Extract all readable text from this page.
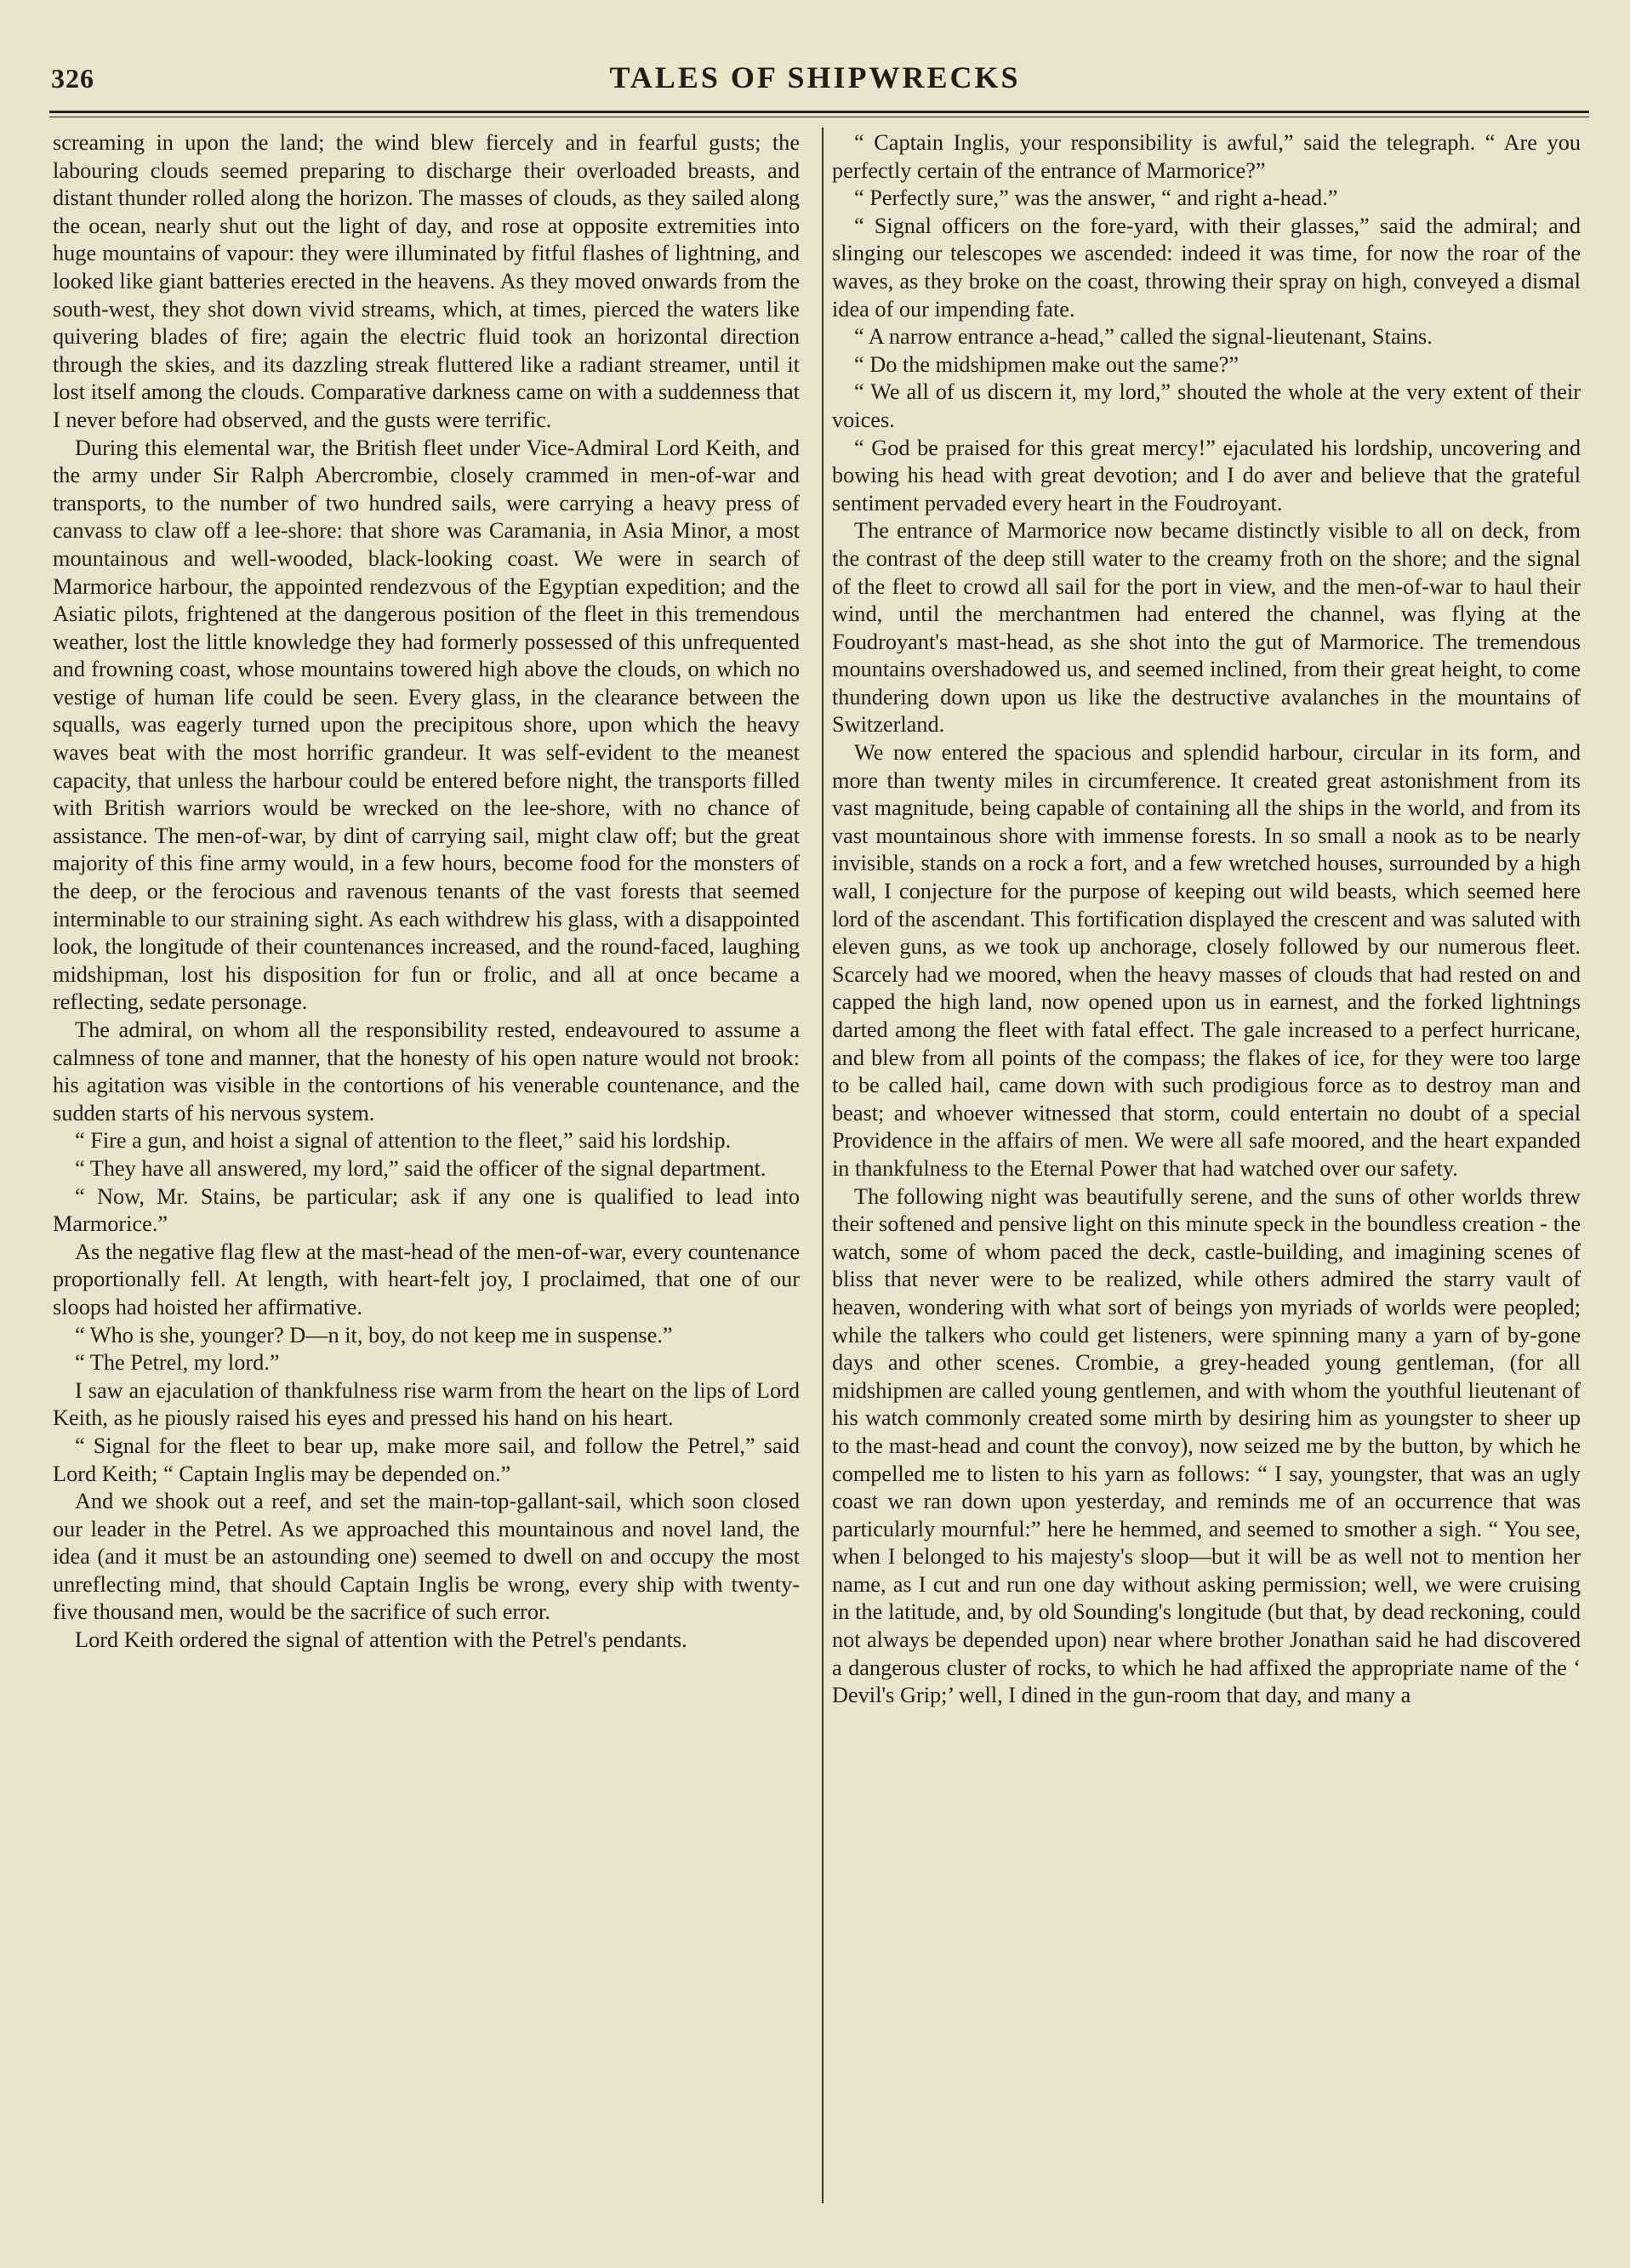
326	TALES OF SHIPWRECKS

screaming in upon the land; the wind blew fiercely and in fearful gusts; the labouring clouds seemed preparing to discharge their overloaded breasts, and distant thunder rolled along the horizon. The masses of clouds, as they sailed along the ocean, nearly shut out the light of day, and rose at opposite extremities into huge mountains of vapour: they were illuminated by fitful flashes of lightning, and looked like giant batteries erected in the heavens. As they moved onwards from the south-west, they shot down vivid streams, which, at times, pierced the waters like quivering blades of fire; again the electric fluid took an horizontal direction through the skies, and its dazzling streak fluttered like a radiant streamer, until it lost itself among the clouds. Comparative darkness came on with a suddenness that I never before had observed, and the gusts were terrific.

During this elemental war, the British fleet under Vice-Admiral Lord Keith, and the army under Sir Ralph Abercrombie, closely crammed in men-of-war and transports, to the number of two hundred sails, were carrying a heavy press of canvass to claw off a lee-shore: that shore was Caramania, in Asia Minor, a most mountainous and well-wooded, black-looking coast. We were in search of Marmorice harbour, the appointed rendezvous of the Egyptian expedition; and the Asiatic pilots, frightened at the dangerous position of the fleet in this tremendous weather, lost the little knowledge they had formerly possessed of this unfrequented and frowning coast, whose mountains towered high above the clouds, on which no vestige of human life could be seen. Every glass, in the clearance between the squalls, was eagerly turned upon the precipitous shore, upon which the heavy waves beat with the most horrific grandeur. It was self-evident to the meanest capacity, that unless the harbour could be entered before night, the transports filled with British warriors would be wrecked on the lee-shore, with no chance of assistance. The men-of-war, by dint of carrying sail, might claw off; but the great majority of this fine army would, in a few hours, become food for the monsters of the deep, or the ferocious and ravenous tenants of the vast forests that seemed interminable to our straining sight. As each withdrew his glass, with a disappointed look, the longitude of their countenances increased, and the round-faced, laughing midshipman, lost his disposition for fun or frolic, and all at once became a reflecting, sedate personage.

The admiral, on whom all the responsibility rested, endeavoured to assume a calmness of tone and manner, that the honesty of his open nature would not brook: his agitation was visible in the contortions of his venerable countenance, and the sudden starts of his nervous system.

“ Fire a gun, and hoist a signal of attention to the fleet,” said his lordship.

“ They have all answered, my lord,” said the officer of the signal department.

“ Now, Mr. Stains, be particular; ask if any one is qualified to lead into Marmorice.”

As the negative flag flew at the mast-head of the men-of-war, every countenance proportionally fell. At length, with heart-felt joy, I proclaimed, that one of our sloops had hoisted her affirmative.

“ Who is she, younger? D—n it, boy, do not keep me in suspense.”

“ The Petrel, my lord.”

I saw an ejaculation of thankfulness rise warm from the heart on the lips of Lord Keith, as he piously raised his eyes and pressed his hand on his heart.

“ Signal for the fleet to bear up, make more sail, and follow the Petrel,” said Lord Keith; “ Captain Inglis may be depended on.”

And we shook out a reef, and set the main-top-gallant-sail, which soon closed our leader in the Petrel. As we approached this mountainous and novel land, the idea (and it must be an astounding one) seemed to dwell on and occupy the most unreflecting mind, that should Captain Inglis be wrong, every ship with twenty-five thousand men, would be the sacrifice of such error.

Lord Keith ordered the signal of attention with the Petrel's pendants.

“ Captain Inglis, your responsibility is awful,” said the telegraph. “ Are you perfectly certain of the entrance of Marmorice?”

“ Perfectly sure,” was the answer, “ and right a-head.”

“ Signal officers on the fore-yard, with their glasses,” said the admiral; and slinging our telescopes we ascended: indeed it was time, for now the roar of the waves, as they broke on the coast, throwing their spray on high, conveyed a dismal idea of our impending fate.

“ A narrow entrance a-head,” called the signal-lieutenant, Stains.

“ Do the midshipmen make out the same?”

“ We all of us discern it, my lord,” shouted the whole at the very extent of their voices.

“ God be praised for this great mercy!” ejaculated his lordship, uncovering and bowing his head with great devotion; and I do aver and believe that the grateful sentiment pervaded every heart in the Foudroyant.

The entrance of Marmorice now became distinctly visible to all on deck, from the contrast of the deep still water to the creamy froth on the shore; and the signal of the fleet to crowd all sail for the port in view, and the men-of-war to haul their wind, until the merchantmen had entered the channel, was flying at the Foudroyant's mast-head, as she shot into the gut of Marmorice. The tremendous mountains overshadowed us, and seemed inclined, from their great height, to come thundering down upon us like the destructive avalanches in the mountains of Switzerland.

We now entered the spacious and splendid harbour, circular in its form, and more than twenty miles in circumference. It created great astonishment from its vast magnitude, being capable of containing all the ships in the world, and from its vast mountainous shore with immense forests. In so small a nook as to be nearly invisible, stands on a rock a fort, and a few wretched houses, surrounded by a high wall, I conjecture for the purpose of keeping out wild beasts, which seemed here lord of the ascendant. This fortification displayed the crescent and was saluted with eleven guns, as we took up anchorage, closely followed by our numerous fleet. Scarcely had we moored, when the heavy masses of clouds that had rested on and capped the high land, now opened upon us in earnest, and the forked lightnings darted among the fleet with fatal effect. The gale increased to a perfect hurricane, and blew from all points of the compass; the flakes of ice, for they were too large to be called hail, came down with such prodigious force as to destroy man and beast; and whoever witnessed that storm, could entertain no doubt of a special Providence in the affairs of men. We were all safe moored, and the heart expanded in thankfulness to the Eternal Power that had watched over our safety.

The following night was beautifully serene, and the suns of other worlds threw their softened and pensive light on this minute speck in the boundless creation - the watch, some of whom paced the deck, castle-building, and imagining scenes of bliss that never were to be realized, while others admired the starry vault of heaven, wondering with what sort of beings yon myriads of worlds were peopled; while the talkers who could get listeners, were spinning many a yarn of by-gone days and other scenes. Crombie, a grey-headed young gentleman, (for all midshipmen are called young gentlemen, and with whom the youthful lieutenant of his watch commonly created some mirth by desiring him as youngster to sheer up to the mast-head and count the convoy), now seized me by the button, by which he compelled me to listen to his yarn as follows: “ I say, youngster, that was an ugly coast we ran down upon yesterday, and reminds me of an occurrence that was particularly mournful:” here he hemmed, and seemed to smother a sigh. “ You see, when I belonged to his majesty's sloop—but it will be as well not to mention her name, as I cut and run one day without asking permission; well, we were cruising in the latitude, and, by old Sounding's longitude (but that, by dead reckoning, could not always be depended upon) near where brother Jonathan said he had discovered a dangerous cluster of rocks, to which he had affixed the appropriate name of the ‘ Devil's Grip;’ well, I dined in the gun-room that day, and many a
